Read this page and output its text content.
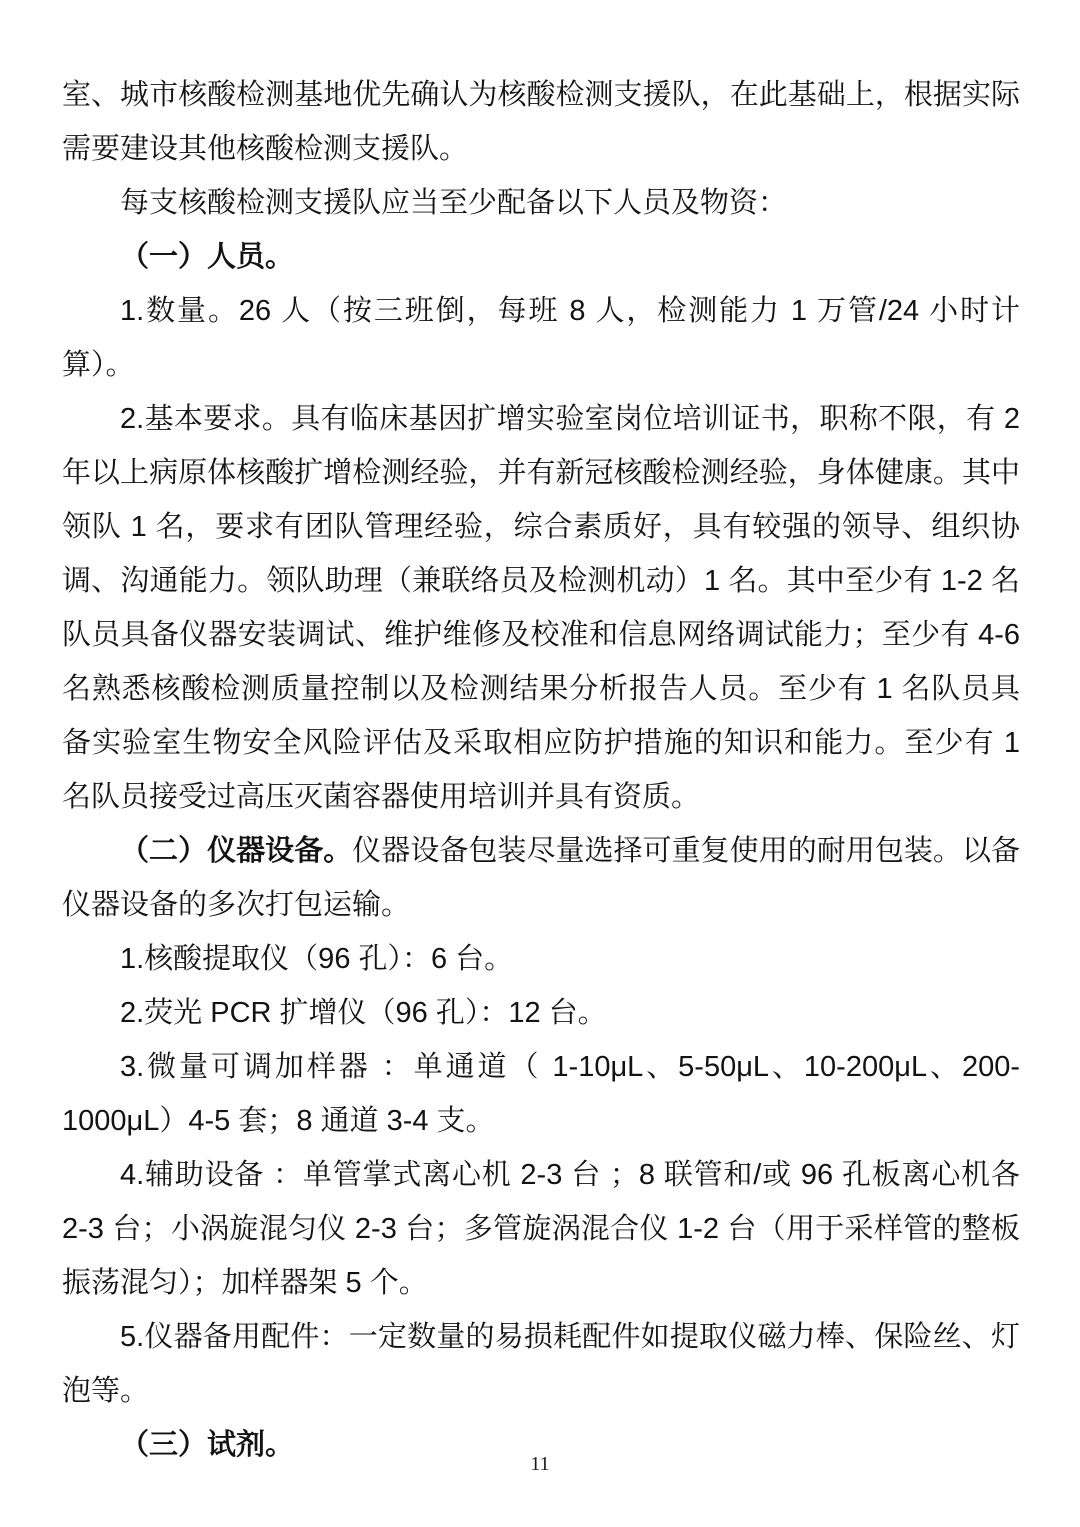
室、城市核酸检测基地优先确认为核酸检测支援队，在此基础上，根据实际需要建设其他核酸检测支援队。

每支核酸检测支援队应当至少配备以下人员及物资：

（一）人员。

1.数量。26 人（按三班倒，每班 8 人，检测能力 1 万管/24 小时计算）。

2.基本要求。具有临床基因扩增实验室岗位培训证书，职称不限，有 2 年以上病原体核酸扩增检测经验，并有新冠核酸检测经验，身体健康。其中领队 1 名，要求有团队管理经验，综合素质好，具有较强的领导、组织协调、沟通能力。领队助理（兼联络员及检测机动）1 名。其中至少有 1-2 名队员具备仪器安装调试、维护维修及校准和信息网络调试能力；至少有 4-6 名熟悉核酸检测质量控制以及检测结果分析报告人员。至少有 1 名队员具备实验室生物安全风险评估及采取相应防护措施的知识和能力。至少有 1 名队员接受过高压灭菌容器使用培训并具有资质。

（二）仪器设备。仪器设备包装尽量选择可重复使用的耐用包装。以备仪器设备的多次打包运输。

1.核酸提取仪（96 孔）：6 台。

2.荧光 PCR 扩增仪（96 孔）：12 台。

3.微量可调加样器 ：单通道（ 1-10μL、5-50μL、10-200μL、200-1000μL）4-5 套；8 通道 3-4 支。

4.辅助设备 ：单管掌式离心机 2-3 台 ；8 联管和/或 96 孔板离心机各 2-3 台；小涡旋混匀仪 2-3 台；多管旋涡混合仪 1-2 台（用于采样管的整板振荡混匀）；加样器架 5 个。

5.仪器备用配件：一定数量的易损耗配件如提取仪磁力棒、保险丝、灯泡等。

（三）试剂。

11
